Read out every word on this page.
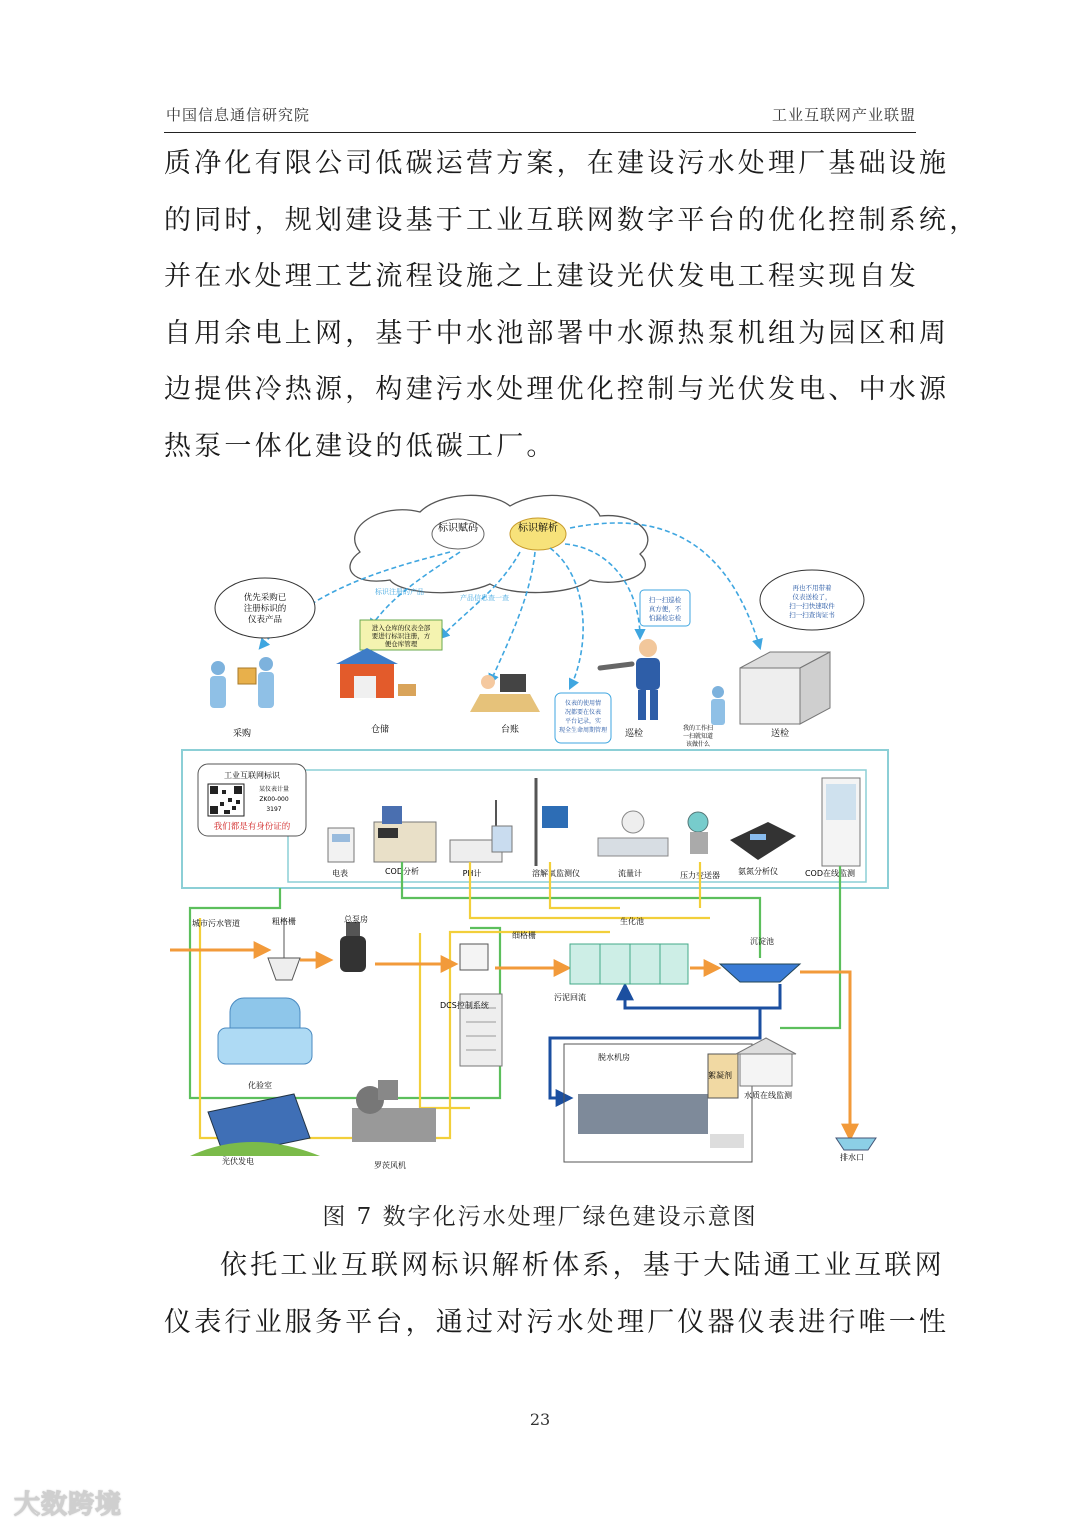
中国信息通信研究院	工业互联网产业联盟
质净化有限公司低碳运营方案，在建设污水处理厂基础设施
的同时，规划建设基于工业互联网数字平台的优化控制系统，
并在水处理工艺流程设施之上建设光伏发电工程实现自发
自用余电上网，基于中水池部署中水源热泵机组为园区和周
边提供冷热源，构建污水处理优化控制与光伏发电、中水源
热泵一体化建设的低碳工厂。
标识赋码	标识解析
标识注册的产品
产品信息查一查
优先采购已
注册标识的
仪表产品
进入仓库的仪表全部
要进行标识注册，方
便仓库管理
仪表的使用情
况都要在仪表
平台记录，实
现全生命周期管理
扫一扫巡检
真方便，不
怕漏检忘检
再也不用带着
仪表送检了，
扫一扫快速取件
扫一扫查询证书
采购	仓储	台账	巡检	送检
我的工作扫
一扫就知道
该做什么
工业互联网标识
某仪表计量
ZK00-000
3197
我们都是有身份证的
电表	COD分析	PH计	溶解氧监测仪	流量计	压力变送器 氨氮分析仪	COD在线监测
城市污水管道	粗格栅	总泵房
细格栅
生化池
沉淀池
污泥回流
DCS控制系统
脱水机房
絮凝剂
化验室
水质在线监测
光伏发电	罗茨风机
排水口
图 7 数字化污水处理厂绿色建设示意图
依托工业互联网标识解析体系，基于大陆通工业互联网
仪表行业服务平台，通过对污水处理厂仪器仪表进行唯一性
23
大数跨境
